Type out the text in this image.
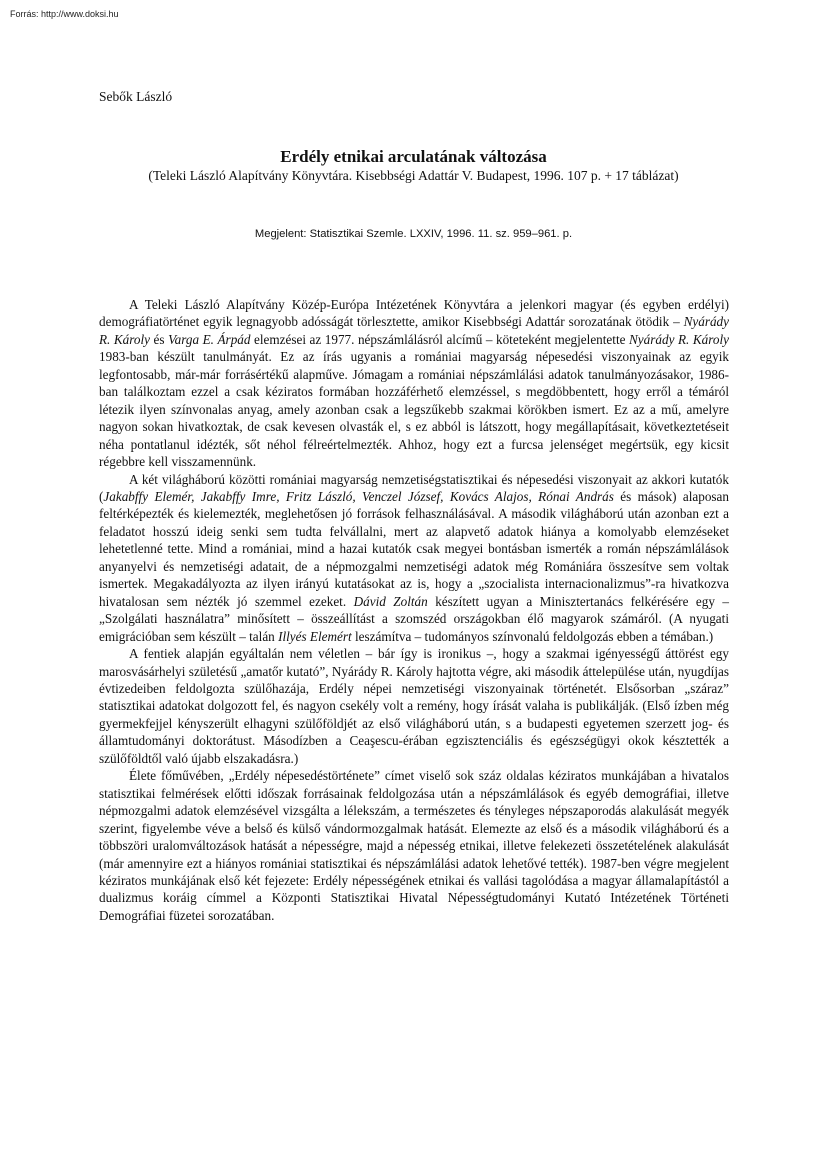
Forrás: http://www.doksi.hu
Sebők László
Erdély etnikai arculatának változása
(Teleki László Alapítvány Könyvtára. Kisebbségi Adattár V. Budapest, 1996. 107 p. + 17 táblázat)
Megjelent: Statisztikai Szemle. LXXIV, 1996. 11. sz. 959–961. p.

A Teleki László Alapítvány Közép-Európa Intézetének Könyvtára a jelenkori magyar (és egyben erdélyi) demográfiatörténet egyik legnagyobb adósságát törlesztette, amikor Kisebbségi Adattár sorozatának ötödik – Nyárády R. Károly és Varga E. Árpád elemzései az 1977. népszámlálásról alcímű – köteteként megjelentette Nyárády R. Károly 1983-ban készült tanulmányát. Ez az írás ugyanis a romániai magyarság népesedési viszonyainak az egyik legfontosabb, már-már forrásértékű alapműve. Jómagam a romániai népszámlálási adatok tanulmányozásakor, 1986-ban találkoztam ezzel a csak kéziratos formában hozzáférhető elemzéssel, s megdöbbentett, hogy erről a témáról létezik ilyen színvonalas anyag, amely azonban csak a legszűkebb szakmai körökben ismert. Ez az a mű, amelyre nagyon sokan hivatkoztak, de csak kevesen olvasták el, s ez abból is látszott, hogy megállapításait, következtetéseit néha pontatlanul idézték, sőt néhol félreértelmezték. Ahhoz, hogy ezt a furcsa jelenséget megértsük, egy kicsit régebbre kell visszamennünk.

A két világháború közötti romániai magyarság nemzetiségstatisztikai és népesedési viszonyait az akkori kutatók (Jakabffy Elemér, Jakabffy Imre, Fritz László, Venczel József, Kovács Alajos, Rónai András és mások) alaposan feltérképezték és kielemezték, meglehetősen jó források felhasználásával. A második világháború után azonban ezt a feladatot hosszú ideig senki sem tudta felvállalni, mert az alapvető adatok hiánya a komolyabb elemzéseket lehetetlenné tette. Mind a romániai, mind a hazai kutatók csak megyei bontásban ismerték a román népszámlálások anyanyelvi és nemzetiségi adatait, de a népmozgalmi nemzetiségi adatok még Romániára összesítve sem voltak ismertek. Megakadályozta az ilyen irányú kutatásokat az is, hogy a „szocialista internacionalizmus”-ra hivatkozva hivatalosan sem nézték jó szemmel ezeket. Dávid Zoltán készített ugyan a Minisztertanács felkérésére egy – „Szolgálati használatra” minősített – összeállítást a szomszéd országokban élő magyarok számáról. (A nyugati emigrációban sem készült – talán Illyés Elemért leszámítva – tudományos színvonalú feldolgozás ebben a témában.)

A fentiek alapján egyáltalán nem véletlen – bár így is ironikus –, hogy a szakmai igényességű áttörést egy marosvásárhelyi születésű „amatőr kutató”, Nyárády R. Károly hajtotta végre, aki második áttelepülése után, nyugdíjas évtizedeiben feldolgozta szülőhazája, Erdély népei nemzetiségi viszonyainak történetét. Elsősorban „száraz” statisztikai adatokat dolgozott fel, és nagyon csekély volt a remény, hogy írását valaha is publikálják. (Első ízben még gyermekfejjel kényszerült elhagyni szülőföldjét az első világháború után, s a budapesti egyetemen szerzett jog- és államtudományi doktorátust. Másodízben a Ceaşescu-érában egzisztenciális és egészségügyi okok késztették a szülőföldtől való újabb elszakadásra.)

Élete főművében, „Erdély népesedéstörténete” címet viselő sok száz oldalas kéziratos munkájában a hivatalos statisztikai felmérések előtti időszak forrásainak feldolgozása után a népszámlálások és egyéb demográfiai, illetve népmozgalmi adatok elemzésével vizsgálta a lélekszám, a természetes és tényleges népszaporodás alakulását megyék szerint, figyelembe véve a belső és külső vándormozgalmak hatását. Elemezte az első és a második világháború és a többszöri uralomváltozások hatását a népességre, majd a népesség etnikai, illetve felekezeti összetételének alakulását (már amennyire ezt a hiányos romániai statisztikai és népszámlálási adatok lehetővé tették). 1987-ben végre megjelent kéziratos munkájának első két fejezete: Erdély népességének etnikai és vallási tagolódása a magyar államalapítástól a dualizmus koráig címmel a Központi Statisztikai Hivatal Népességtudományi Kutató Intézetének Történeti Demográfiai füzetei sorozatában.
